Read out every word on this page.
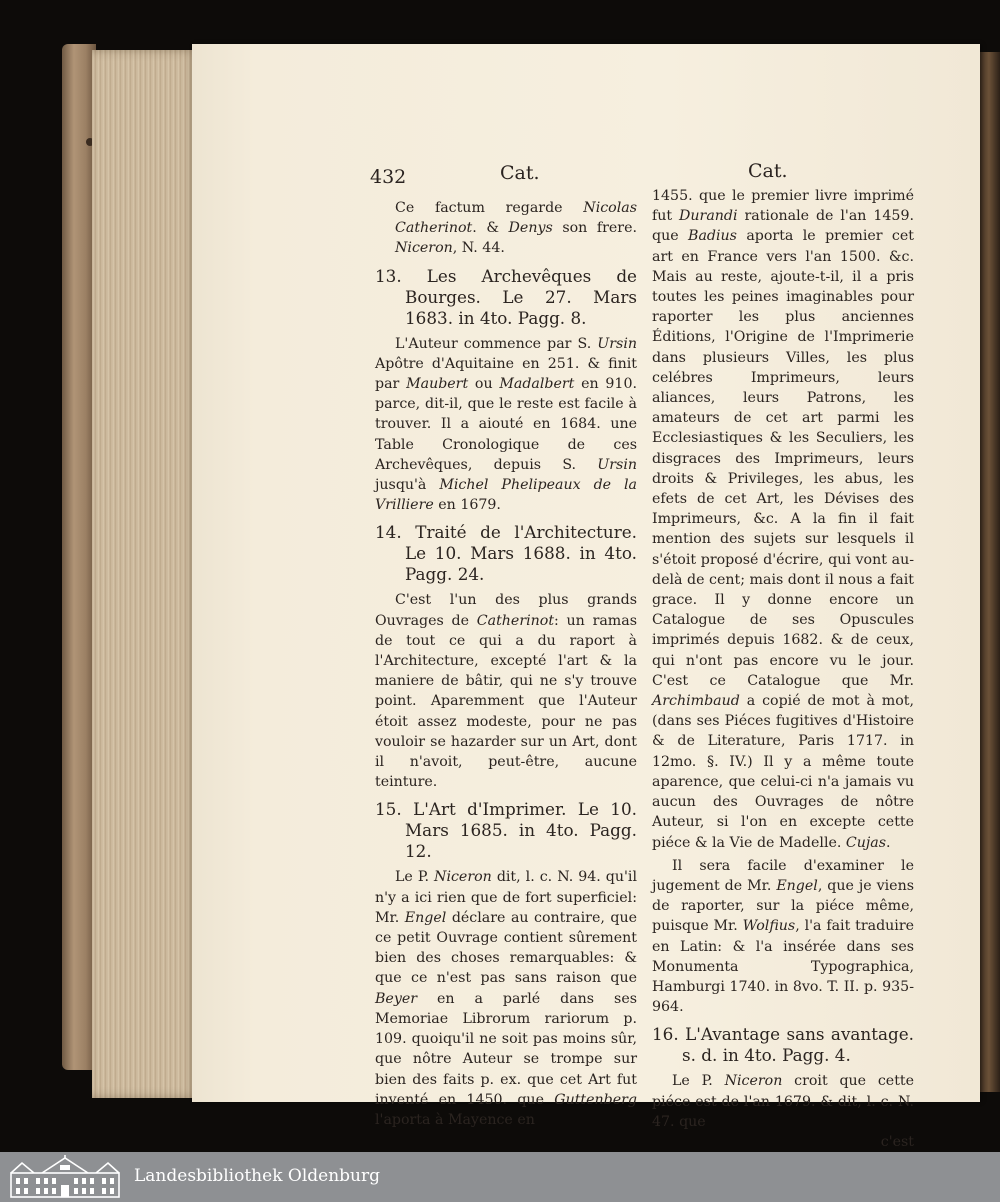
432	Cat.	Cat.
Ce factum regarde Nicolas Catherinot. & Denys son frere. Niceron, N. 44.
13. Les Archevêques de Bourges. Le 27. Mars 1683. in 4to. Pagg. 8.
L'Auteur commence par S. Ursin Apôtre d'Aquitaine en 251. & finit par Maubert ou Madalbert en 910. parce, dit-il, que le reste est facile à trouver. Il a aiouté en 1684. une Table Cronologique de ces Archevêques, depuis S. Ursin jusqu'à Michel Phelipeaux de la Vrilliere en 1679.
14. Traité de l'Architecture. Le 10. Mars 1688. in 4to. Pagg. 24.
C'est l'un des plus grands Ouvrages de Catherinot: un ramas de tout ce qui a du raport à l'Architecture, excepté l'art & la maniere de bâtir, qui ne s'y trouve point. Aparemment que l'Auteur étoit assez modeste, pour ne pas vouloir se hazarder sur un Art, dont il n'avoit, peut-être, aucune teinture.
15. L'Art d'Imprimer. Le 10. Mars 1685. in 4to. Pagg. 12.
Le P. Niceron dit, l. c. N. 94. qu'il n'y a ici rien que de fort superficiel: Mr. Engel déclare au contraire, que ce petit Ouvrage contient sûrement bien des choses remarquables: & que ce n'est pas sans raison que Beyer en a parlé dans ses Memoriae Librorum rariorum p. 109. quoiqu'il ne soit pas moins sûr, que nôtre Auteur se trompe sur bien des faits p. ex. que cet Art fut inventé en 1450. que Guttenberg l'aporta à Mayence en
1455. que le premier livre imprimé fut Durandi rationale de l'an 1459. que Badius aporta le premier cet art en France vers l'an 1500. &c. Mais au reste, ajoute-t-il, il a pris toutes les peines imaginables pour raporter les plus anciennes Éditions, l'Origine de l'Imprimerie dans plusieurs Villes, les plus celébres Imprimeurs, leurs aliances, leurs Patrons, les amateurs de cet art parmi les Ecclesiastiques & les Seculiers, les disgraces des Imprimeurs, leurs droits & Privileges, les abus, les efets de cet Art, les Dévises des Imprimeurs, &c. A la fin il fait mention des sujets sur lesquels il s'étoit proposé d'écrire, qui vont au-delà de cent; mais dont il nous a fait grace. Il y donne encore un Catalogue de ses Opuscules imprimés depuis 1682. & de ceux, qui n'ont pas encore vu le jour. C'est ce Catalogue que Mr. Archimbaud a copié de mot à mot, (dans ses Piéces fugitives d'Histoire & de Literature, Paris 1717. in 12mo. §. IV.) Il y a même toute aparence, que celui-ci n'a jamais vu aucun des Ouvrages de nôtre Auteur, si l'on en excepte cette piéce & la Vie de Madelle. Cujas.
Il sera facile d'examiner le jugement de Mr. Engel, que je viens de raporter, sur la piéce même, puisque Mr. Wolfius, l'a fait traduire en Latin: & l'a insérée dans ses Monumenta Typographica, Hamburgi 1740. in 8vo. T. II. p. 935-964.
16. L'Avantage sans avantage. s. d. in 4to. Pagg. 4.
Le P. Niceron croit que cette piéce est de l'an 1679. & dit, l. c. N. 47. que
c'est
Landesbibliothek Oldenburg
